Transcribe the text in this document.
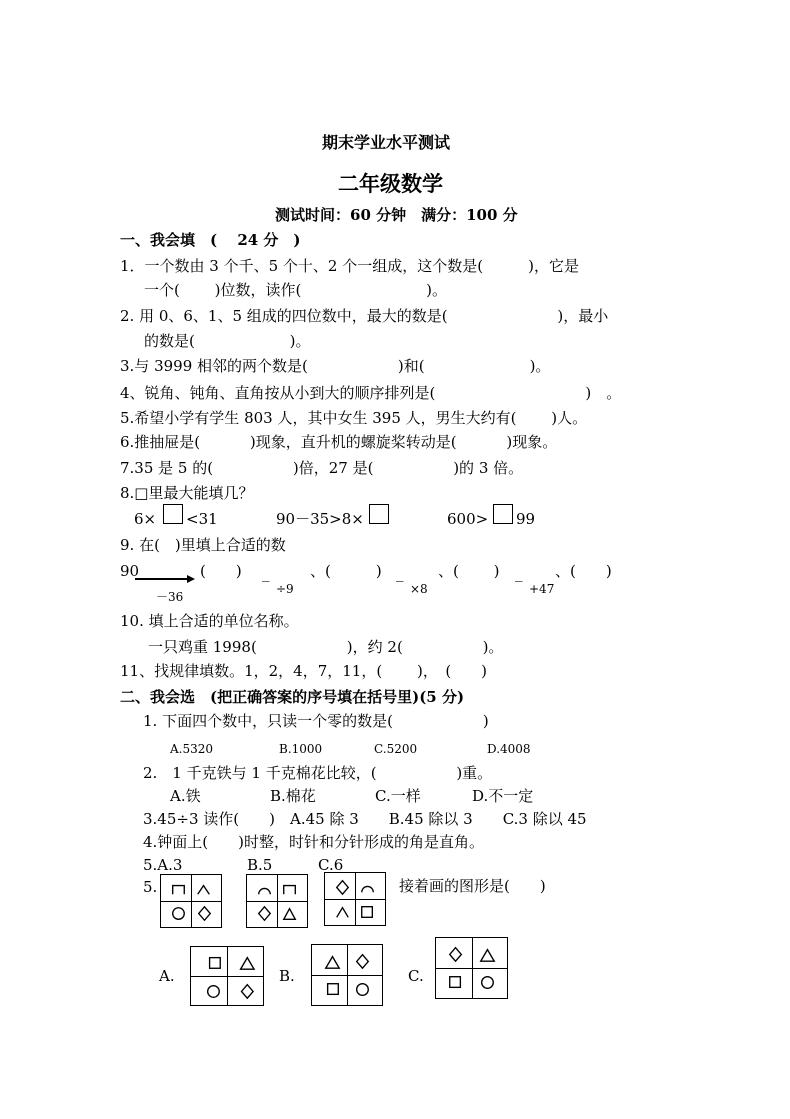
期末学业水平测试
二年级数学
测试时间：60 分钟　满分：100 分
一、我会填　(　 24 分　)
1．一个数由 3 个千、5 个十、2 个一组成，这个数是(　　　)，它是
一个(　　 )位数，读作(　　　　　　　　 )。
2. 用 0、6、1、5 组成的四位数中，最大的数是(　　　　　　　 )，最小
的数是(　　　　　　 )。
3.与 3999 相邻的两个数是(　　　　　　)和(　　　　　　　)。
4、锐角、钝角、直角按从小到大的顺序排列是(　　　　　　　　　　)　。
5.希望小学有学生 803 人，其中女生 395 人，男生大约有(　　 )人。
6.推抽屉是(　　　 )现象，直升机的螺旋桨转动是(　　　 )现象。
7.35 是 5 的(　　　　　 )倍，27 是(　　　　　 )的 3 倍。
8.□里最大能填几？
6× <31	90－35>8×	600> 99
9. 在(　)里填上合适的数
90
－36
(　　) _
÷9
、(　　　) _
×8
、(　　 ) _
+47
、(　　)
10. 填上合适的单位名称。
一只鸡重 1998(　　　　　　)，约 2(　　　　　 )。
11、找规律填数。1，2，4，7，11，(　　 )，　(　　)
二、我会选　(把正确答案的序号填在括号里)(5 分)
1. 下面四个数中，只读一个零的数是(　　　　　　)
A.5320	B.1000	C.5200	D.4008
2.　1 千克铁与 1 千克棉花比较，(　　　　　 )重。
A.铁	B.棉花	C.一样	D.不一定
3.45÷3 读作(　　)　A.45 除 3　　B.45 除以 3　　C.3 除以 45
4.钟面上(　　)时整，时针和分针形成的角是直角。
5.A.3	B.5	C.6
5.	接着画的图形是(　　)
A.	B.	C.
